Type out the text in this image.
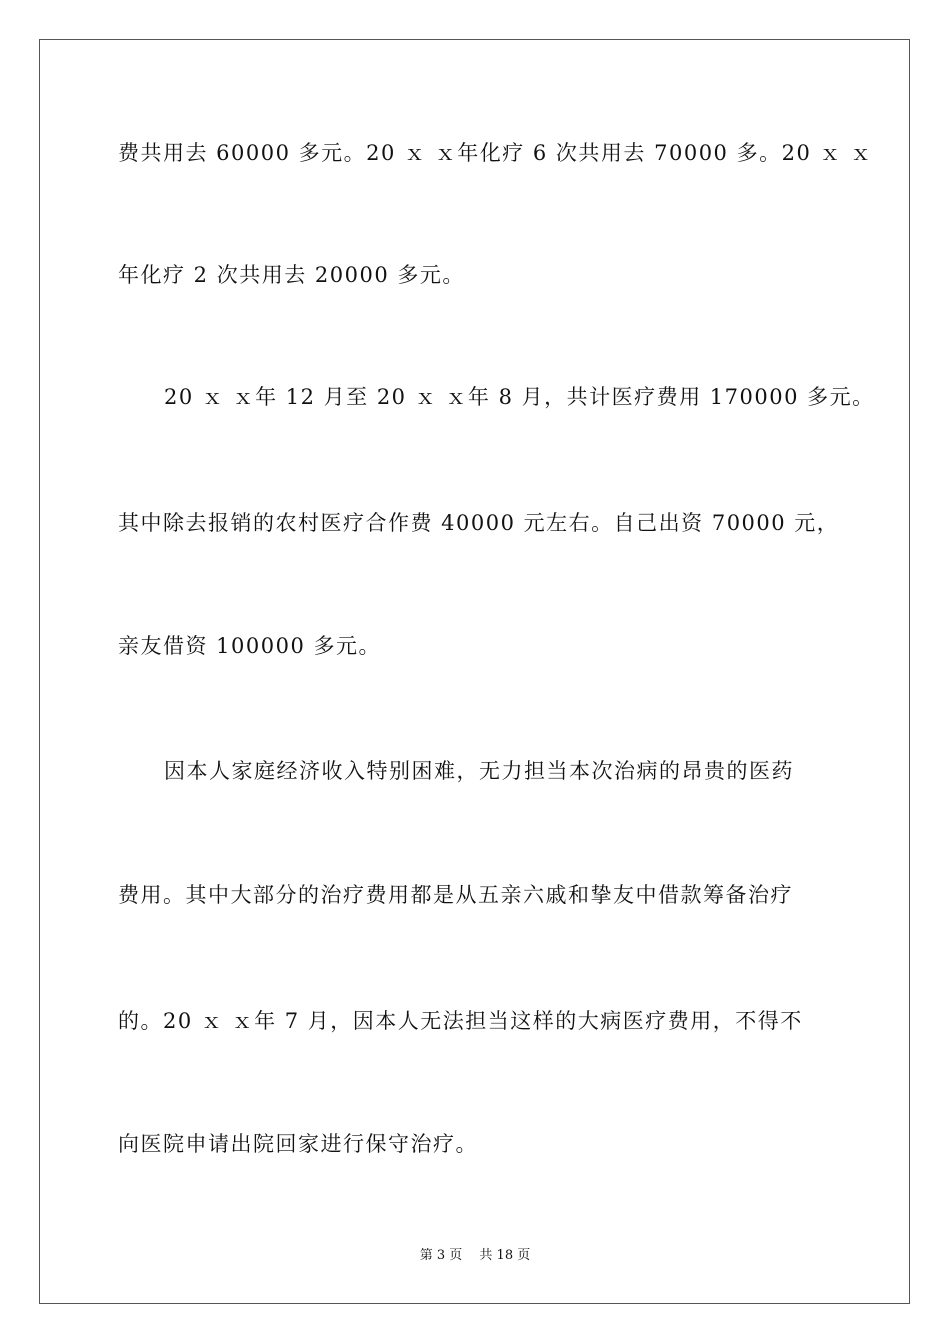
费共用去 60000 多元。20 ｘ ｘ年化疗 6 次共用去 70000 多。20 ｘ ｘ
年化疗 2 次共用去 20000 多元。
20 ｘ ｘ年 12 月至 20 ｘ ｘ年 8 月，共计医疗费用 170000 多元。
其中除去报销的农村医疗合作费 40000 元左右。自己出资 70000 元，
亲友借资 100000 多元。
因本人家庭经济收入特别困难，无力担当本次治病的昂贵的医药
费用。其中大部分的治疗费用都是从五亲六戚和挚友中借款筹备治疗
的。20 ｘ ｘ年 7 月，因本人无法担当这样的大病医疗费用，不得不
向医院申请出院回家进行保守治疗。
第 3 页　 共 18 页
